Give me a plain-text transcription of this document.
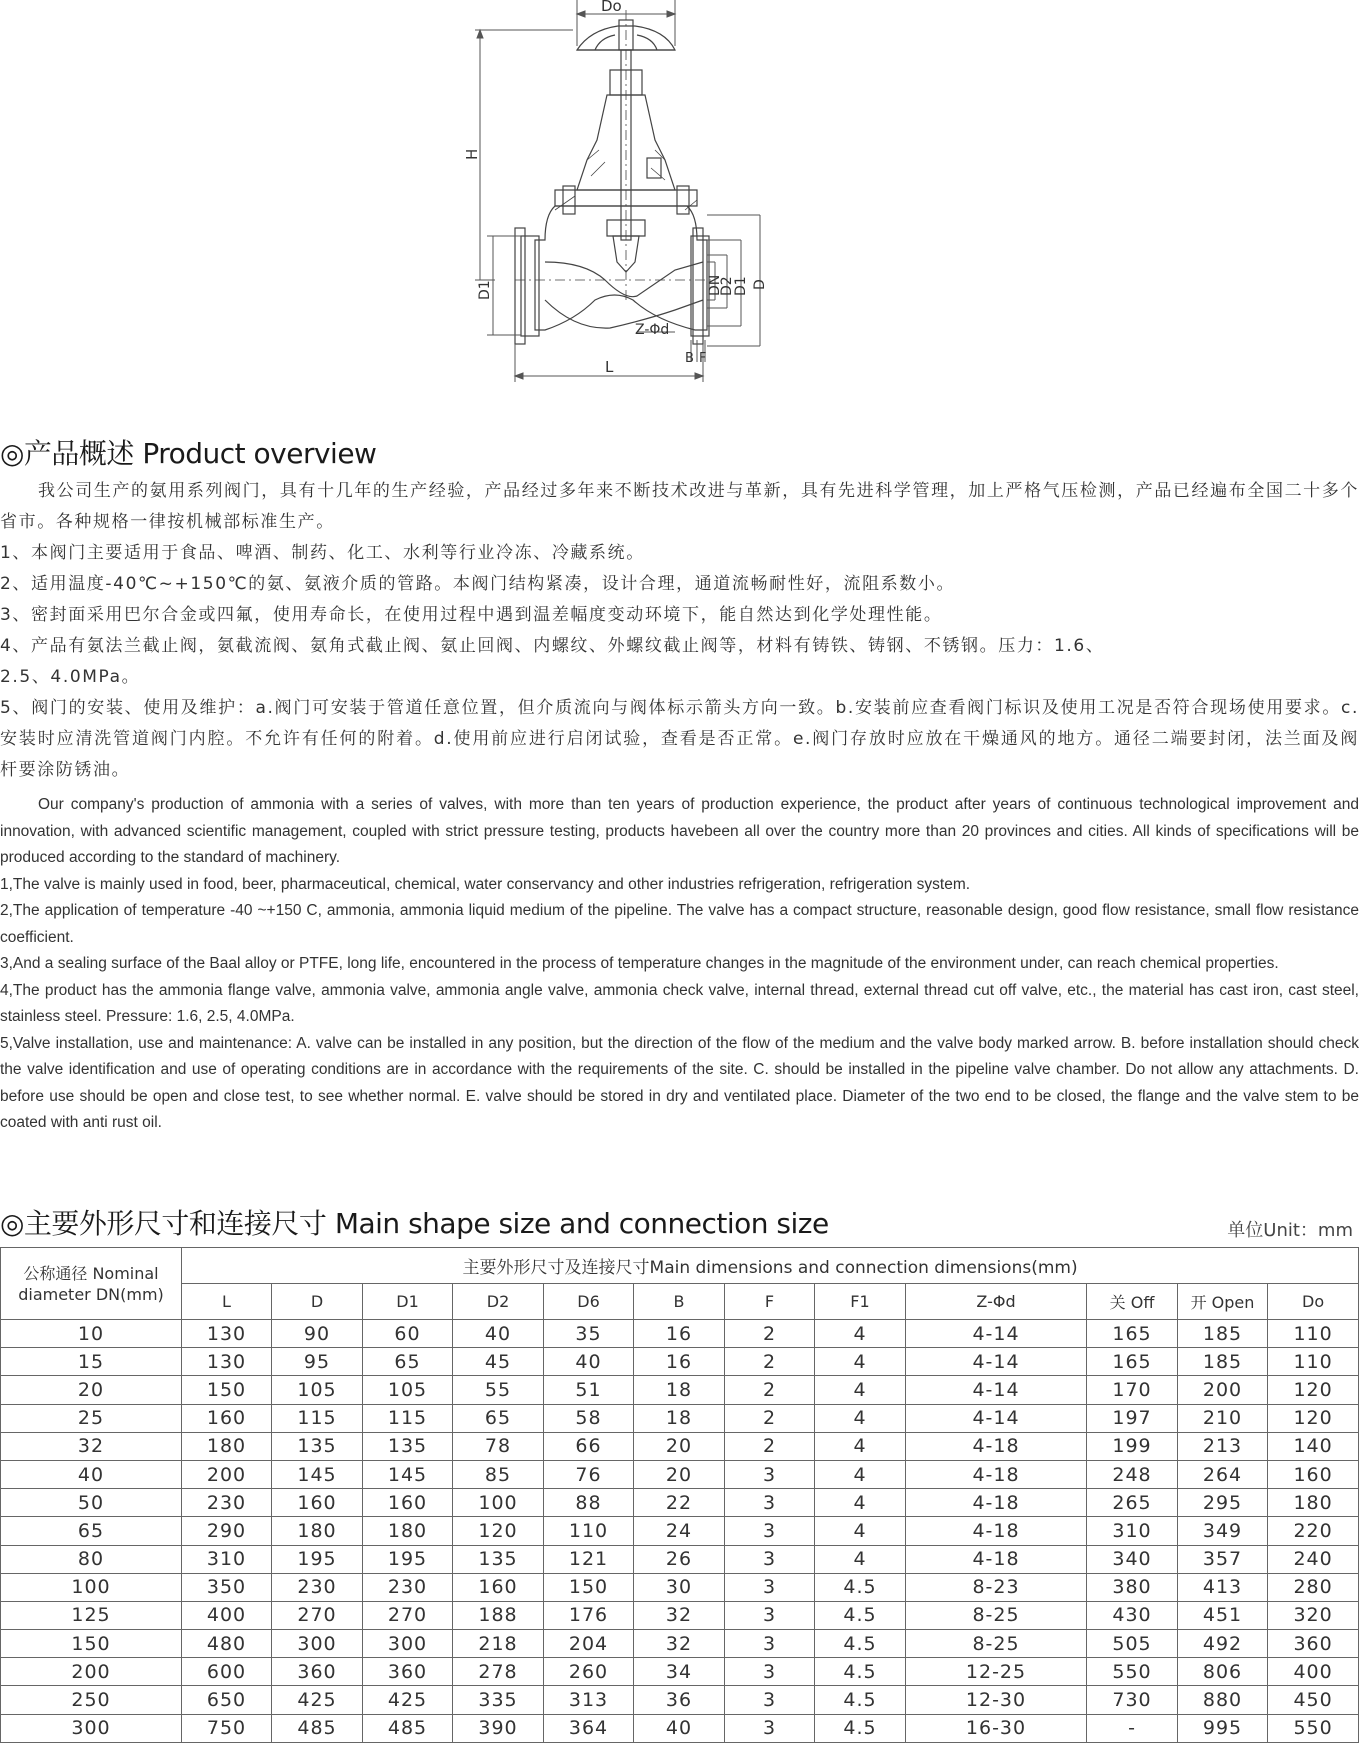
Do
H
D1	DN
D2
D1 D
Z-Φd
B F
L
◎产品概述 Product overview

我公司生产的氨用系列阀门，具有十几年的生产经验，产品经过多年来不断技术改进与革新，具有先进科学管理，加上严格气压检测，产品已经遍布全国二十多个省市。各种规格一律按机械部标准生产。

1、本阀门主要适用于食品、啤酒、制药、化工、水利等行业冷冻、冷藏系统。

2、适用温度-40℃~+150℃的氨、氨液介质的管路。本阀门结构紧凑，设计合理，通道流畅耐性好，流阻系数小。

3、密封面采用巴尔合金或四氟，使用寿命长，在使用过程中遇到温差幅度变动环境下，能自然达到化学处理性能。

4、产品有氨法兰截止阀，氨截流阀、氨角式截止阀、氨止回阀、内螺纹、外螺纹截止阀等，材料有铸铁、铸钢、不锈钢。压力：1.6、

2.5、4.0MPa。

5、阀门的安装、使用及维护：a.阀门可安装于管道任意位置，但介质流向与阀体标示箭头方向一致。b.安装前应查看阀门标识及使用工况是否符合现场使用要求。c.安装时应清洗管道阀门内腔。不允许有任何的附着。d.使用前应进行启闭试验，查看是否正常。e.阀门存放时应放在干燥通风的地方。通径二端要封闭，法兰面及阀杆要涂防锈油。

Our company's production of ammonia with a series of valves, with more than ten years of production experience, the product after years of continuous technological improvement and innovation, with advanced scientific management, coupled with strict pressure testing, products havebeen all over the country more than 20 provinces and cities. All kinds of specifications will be produced according to the standard of machinery.

1,The valve is mainly used in food, beer, pharmaceutical, chemical, water conservancy and other industries refrigeration, refrigeration system.

2,The application of temperature -40 ~+150 C, ammonia, ammonia liquid medium of the pipeline. The valve has a compact structure, reasonable design, good flow resistance, small flow resistance coefficient.

3,And a sealing surface of the Baal alloy or PTFE, long life, encountered in the process of temperature changes in the magnitude of the environment under, can reach chemical properties.

4,The product has the ammonia flange valve, ammonia valve, ammonia angle valve, ammonia check valve, internal thread, external thread cut off valve, etc., the material has cast iron, cast steel, stainless steel. Pressure: 1.6, 2.5, 4.0MPa.

5,Valve installation, use and maintenance: A. valve can be installed in any position, but the direction of the flow of the medium and the valve body marked arrow. B. before installation should check the valve identification and use of operating conditions are in accordance with the requirements of the site. C. should be installed in the pipeline valve chamber. Do not allow any attachments. D. before use should be open and close test, to see whether normal. E. valve should be stored in dry and ventilated place. Diameter of the two end to be closed, the flange and the valve stem to be coated with anti rust oil.

◎主要外形尺寸和连接尺寸 Main shape size and connection size	单位Unit：mm
公称通径 Nominal diameter DN(mm)	主要外形尺寸及连接尺寸Main dimensions and connection dimensions(mm)											
	L	D	D1	D2	D6	B	F	F1	Z-Φd	关 Off	开 Open	Do
10	130	90	60	40	35	16	2	4	4-14	165	185	110
15	130	95	65	45	40	16	2	4	4-14	165	185	110
20	150	105	105	55	51	18	2	4	4-14	170	200	120
25	160	115	115	65	58	18	2	4	4-14	197	210	120
32	180	135	135	78	66	20	2	4	4-18	199	213	140
40	200	145	145	85	76	20	3	4	4-18	248	264	160
50	230	160	160	100	88	22	3	4	4-18	265	295	180
65	290	180	180	120	110	24	3	4	4-18	310	349	220
80	310	195	195	135	121	26	3	4	4-18	340	357	240
100	350	230	230	160	150	30	3	4.5	8-23	380	413	280
125	400	270	270	188	176	32	3	4.5	8-25	430	451	320
150	480	300	300	218	204	32	3	4.5	8-25	505	492	360
200	600	360	360	278	260	34	3	4.5	12-25	550	806	400
250	650	425	425	335	313	36	3	4.5	12-30	730	880	450
300	750	485	485	390	364	40	3	4.5	16-30	-	995	550
